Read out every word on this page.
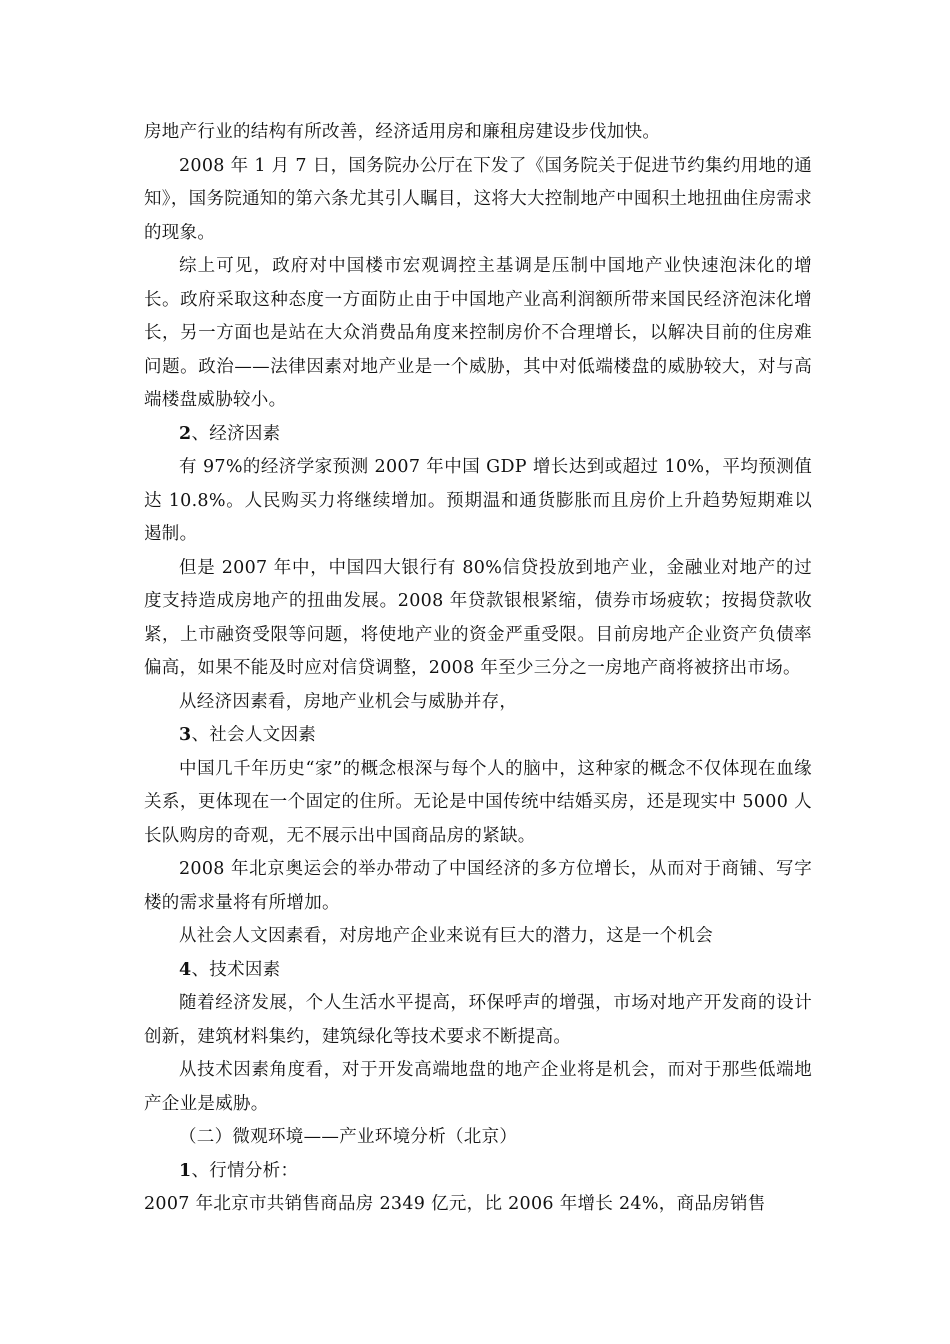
房地产行业的结构有所改善，经济适用房和廉租房建设步伐加快。

2008 年 1 月 7 日，国务院办公厅在下发了《国务院关于促进节约集约用地的通知》，国务院通知的第六条尤其引人瞩目，这将大大控制地产中囤积土地扭曲住房需求的现象。

综上可见，政府对中国楼市宏观调控主基调是压制中国地产业快速泡沫化的增长。政府采取这种态度一方面防止由于中国地产业高利润额所带来国民经济泡沫化增长，另一方面也是站在大众消费品角度来控制房价不合理增长，以解决目前的住房难问题。政治——法律因素对地产业是一个威胁，其中对低端楼盘的威胁较大，对与高端楼盘威胁较小。

2、经济因素

有 97%的经济学家预测 2007 年中国 GDP 增长达到或超过 10%，平均预测值达 10.8%。人民购买力将继续增加。预期温和通货膨胀而且房价上升趋势短期难以遏制。

但是 2007 年中，中国四大银行有 80%信贷投放到地产业，金融业对地产的过度支持造成房地产的扭曲发展。2008 年贷款银根紧缩，债券市场疲软；按揭贷款收紧，上市融资受限等问题，将使地产业的资金严重受限。目前房地产企业资产负债率偏高，如果不能及时应对信贷调整，2008 年至少三分之一房地产商将被挤出市场。

从经济因素看，房地产业机会与威胁并存，

3、社会人文因素

中国几千年历史“家”的概念根深与每个人的脑中，这种家的概念不仅体现在血缘关系，更体现在一个固定的住所。无论是中国传统中结婚买房，还是现实中 5000 人长队购房的奇观，无不展示出中国商品房的紧缺。

2008 年北京奥运会的举办带动了中国经济的多方位增长，从而对于商铺、写字楼的需求量将有所增加。

从社会人文因素看，对房地产企业来说有巨大的潜力，这是一个机会

4、技术因素

随着经济发展，个人生活水平提高，环保呼声的增强，市场对地产开发商的设计创新，建筑材料集约，建筑绿化等技术要求不断提高。

从技术因素角度看，对于开发高端地盘的地产企业将是机会，而对于那些低端地产企业是威胁。

（二）微观环境——产业环境分析（北京）

1、行情分析：

2007 年北京市共销售商品房 2349 亿元，比 2006 年增长 24%，商品房销售
